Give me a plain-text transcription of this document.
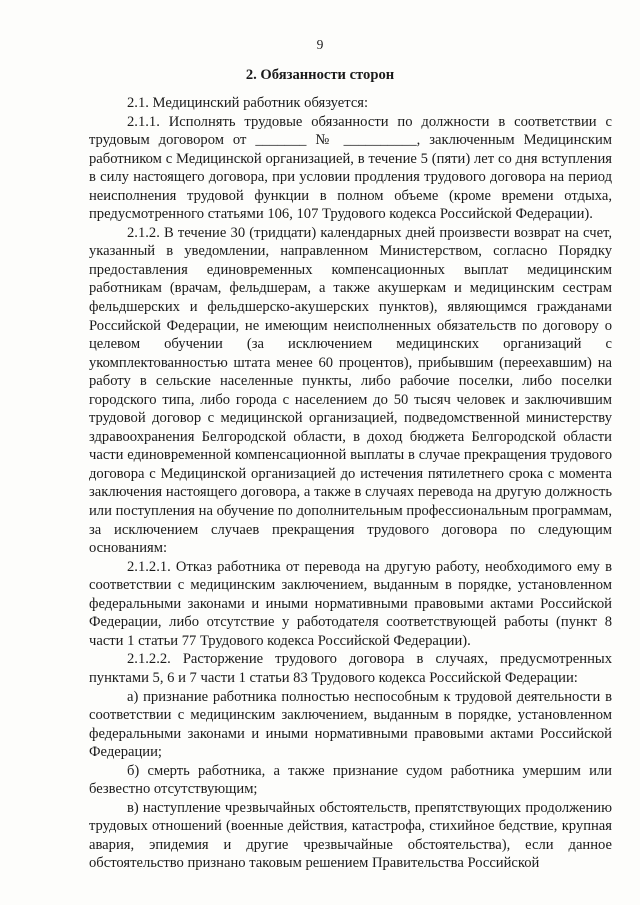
9
2. Обязанности сторон

2.1. Медицинский работник обязуется:

2.1.1. Исполнять трудовые обязанности по должности в соответствии с трудовым договором от _______ № __________, заключенным Медицинским работником с Медицинской организацией, в течение 5 (пяти) лет со дня вступления в силу настоящего договора, при условии продления трудового договора на период неисполнения трудовой функции в полном объеме (кроме времени отдыха, предусмотренного статьями 106, 107 Трудового кодекса Российской Федерации).

2.1.2. В течение 30 (тридцати) календарных дней произвести возврат на счет, указанный в уведомлении, направленном Министерством, согласно Порядку предоставления единовременных компенсационных выплат медицинским работникам (врачам, фельдшерам, а также акушеркам и медицинским сестрам фельдшерских и фельдшерско-акушерских пунктов), являющимся гражданами Российской Федерации, не имеющим неисполненных обязательств по договору о целевом обучении (за исключением медицинских организаций с укомплектованностью штата менее 60 процентов), прибывшим (переехавшим) на работу в сельские населенные пункты, либо рабочие поселки, либо поселки городского типа, либо города с населением до 50 тысяч человек и заключившим трудовой договор с медицинской организацией, подведомственной министерству здравоохранения Белгородской области, в доход бюджета Белгородской области части единовременной компенсационной выплаты в случае прекращения трудового договора с Медицинской организацией до истечения пятилетнего срока с момента заключения настоящего договора, а также в случаях перевода на другую должность или поступления на обучение по дополнительным профессиональным программам, за исключением случаев прекращения трудового договора по следующим основаниям:

2.1.2.1. Отказ работника от перевода на другую работу, необходимого ему в соответствии с медицинским заключением, выданным в порядке, установленном федеральными законами и иными нормативными правовыми актами Российской Федерации, либо отсутствие у работодателя соответствующей работы (пункт 8 части 1 статьи 77 Трудового кодекса Российской Федерации).

2.1.2.2. Расторжение трудового договора в случаях, предусмотренных пунктами 5, 6 и 7 части 1 статьи 83 Трудового кодекса Российской Федерации:

а) признание работника полностью неспособным к трудовой деятельности в соответствии с медицинским заключением, выданным в порядке, установленном федеральными законами и иными нормативными правовыми актами Российской Федерации;

б) смерть работника, а также признание судом работника умершим или безвестно отсутствующим;

в) наступление чрезвычайных обстоятельств, препятствующих продолжению трудовых отношений (военные действия, катастрофа, стихийное бедствие, крупная авария, эпидемия и другие чрезвычайные обстоятельства), если данное обстоятельство признано таковым решением Правительства Российской
